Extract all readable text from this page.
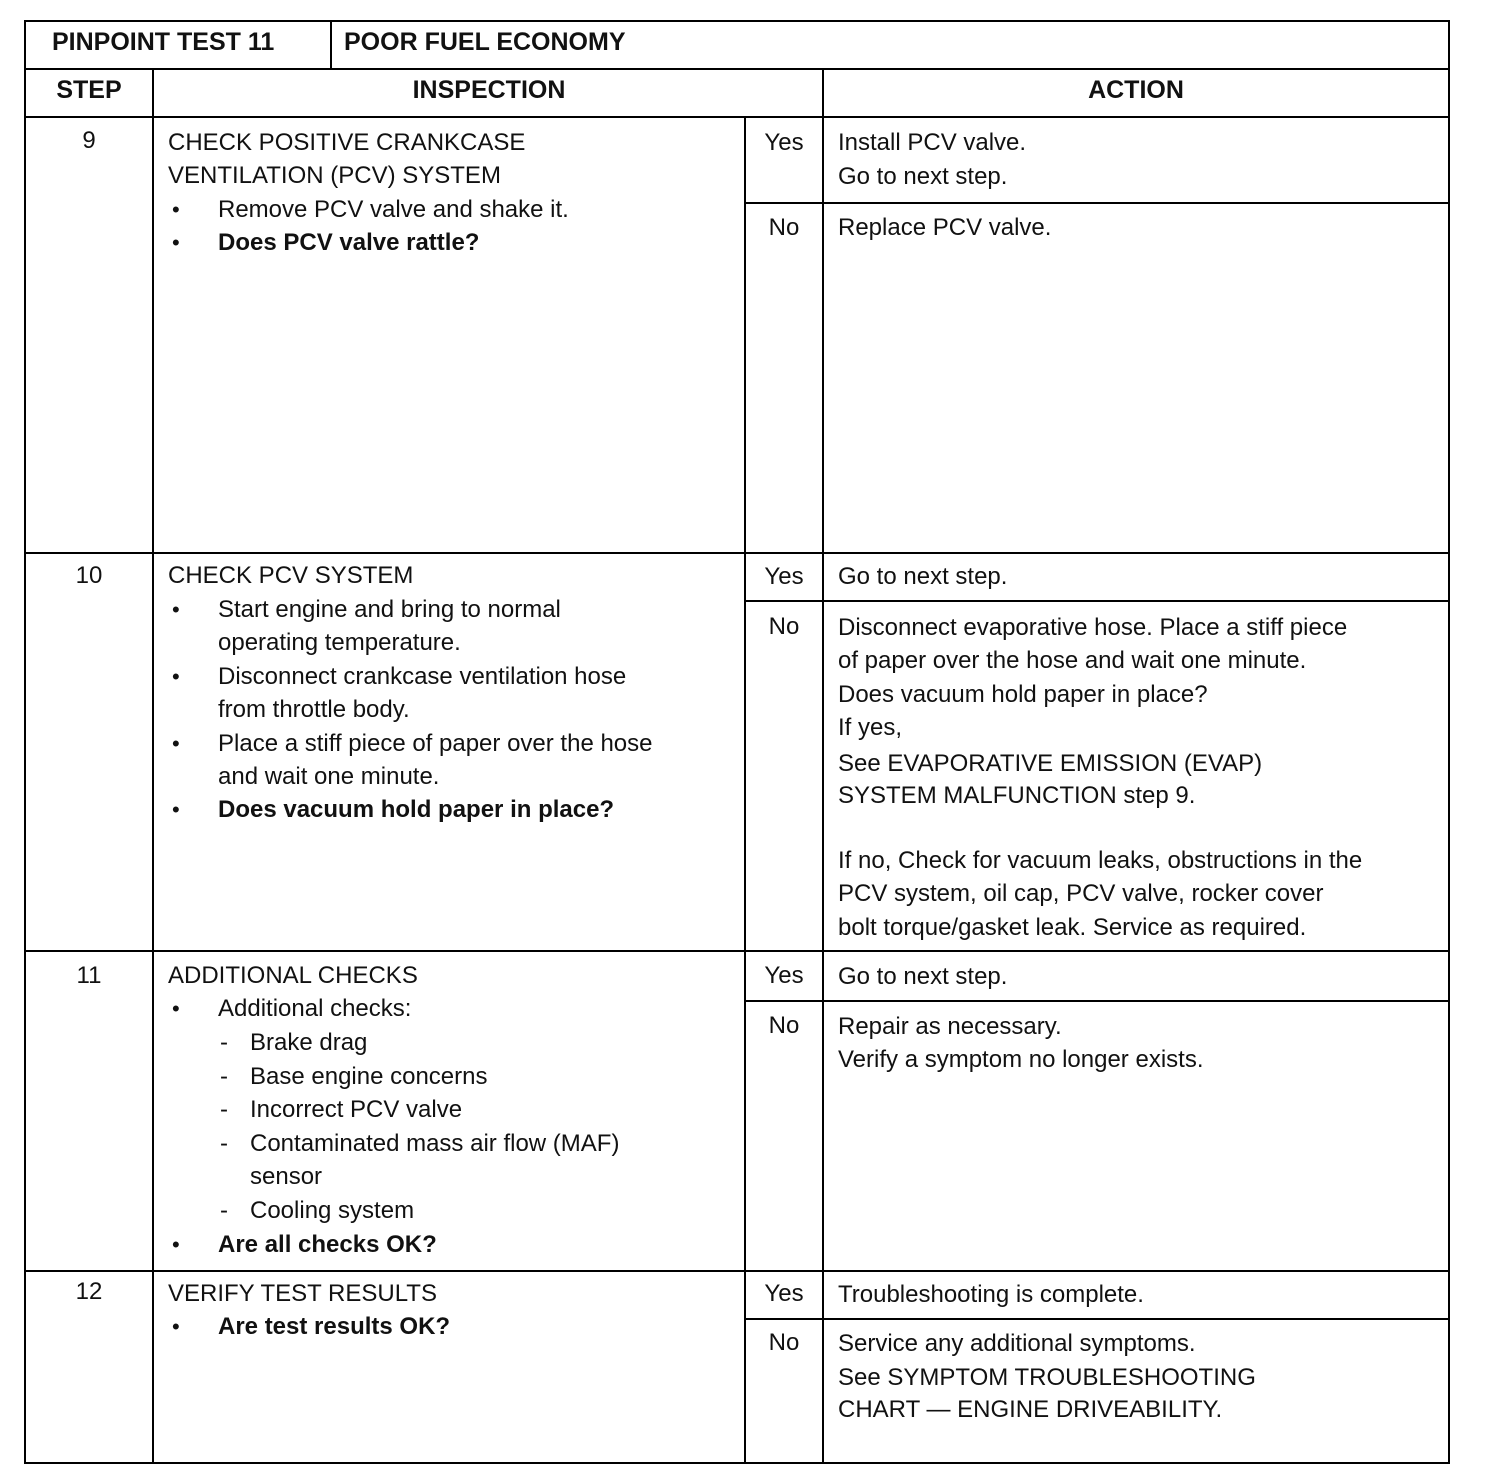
PINPOINT TEST 11	POOR FUEL ECONOMY
STEP	INSPECTION	ACTION
9	CHECK POSITIVE CRANKCASE
VENTILATION (PCV) SYSTEM
• Remove PCV valve and shake it.
• Does PCV valve rattle?
Yes	Install PCV valve.
Go to next step.
No	Replace PCV valve.
10	CHECK PCV SYSTEM
• Start engine and bring to normal
operating temperature.
• Disconnect crankcase ventilation hose
from throttle body.
• Place a stiff piece of paper over the hose
and wait one minute.
• Does vacuum hold paper in place?
Yes	Go to next step.
No	Disconnect evaporative hose. Place a stiff piece
of paper over the hose and wait one minute.
Does vacuum hold paper in place?
If yes,
See EVAPORATIVE EMISSION (EVAP)
SYSTEM MALFUNCTION step 9.
If no, Check for vacuum leaks, obstructions in the
PCV system, oil cap, PCV valve, rocker cover
bolt torque/gasket leak. Service as required.
11	ADDITIONAL CHECKS
• Additional checks:
- Brake drag
- Base engine concerns
- Incorrect PCV valve
- Contaminated mass air flow (MAF)
sensor
- Cooling system
• Are all checks OK?
Yes	Go to next step.
No	Repair as necessary.
Verify a symptom no longer exists.
12	VERIFY TEST RESULTS
• Are test results OK?
Yes	Troubleshooting is complete.
No	Service any additional symptoms.
See SYMPTOM TROUBLESHOOTING
CHART — ENGINE DRIVEABILITY.
